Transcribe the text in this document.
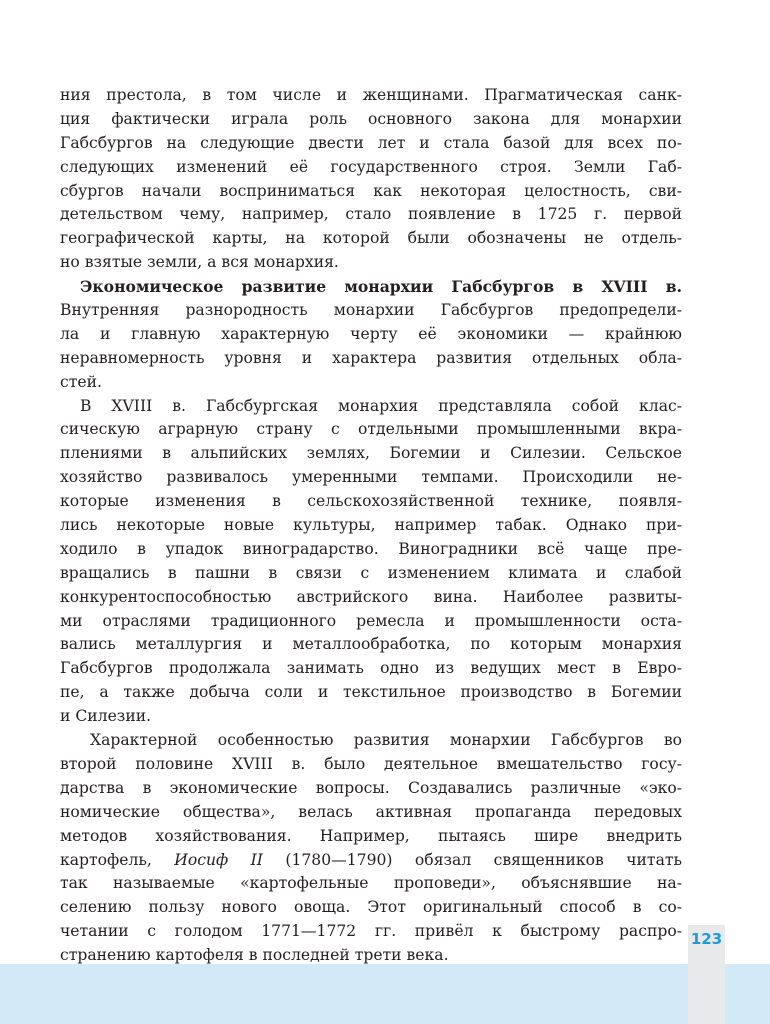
ния престола, в том числе и женщинами. Прагматическая санк-
ция фактически играла роль основного закона для монархии
Габсбургов на следующие двести лет и стала базой для всех по-
следующих изменений её государственного строя. Земли Габ-
сбургов начали восприниматься как некоторая целостность, сви-
детельством чему, например, стало появление в 1725 г. первой
географической карты, на которой были обозначены не отдель-
но взятые земли, а вся монархия.
Экономическое развитие монархии Габсбургов в XVIII в.
Внутренняя разнородность монархии Габсбургов предопредели-
ла и главную характерную черту её экономики — крайнюю
неравномерность уровня и характера развития отдельных обла-
стей.
В XVIII в. Габсбургская монархия представляла собой клас-
сическую аграрную страну с отдельными промышленными вкра-
плениями в альпийских землях, Богемии и Силезии. Сельское
хозяйство развивалось умеренными темпами. Происходили не-
которые изменения в сельскохозяйственной технике, появля-
лись некоторые новые культуры, например табак. Однако при-
ходило в упадок виноградарство. Виноградники всё чаще пре-
вращались в пашни в связи с изменением климата и слабой
конкурентоспособностью австрийского вина. Наиболее развиты-
ми отраслями традиционного ремесла и промышленности оста-
вались металлургия и металлообработка, по которым монархия
Габсбургов продолжала занимать одно из ведущих мест в Евро-
пе, а также добыча соли и текстильное производство в Богемии
и Силезии.
Характерной особенностью развития монархии Габсбургов во
второй половине XVIII в. было деятельное вмешательство госу-
дарства в экономические вопросы. Создавались различные «эко-
номические общества», велась активная пропаганда передовых
методов хозяйствования. Например, пытаясь шире внедрить
картофель, Иосиф II (1780—1790) обязал священников читать
так называемые «картофельные проповеди», объяснявшие на-
селению пользу нового овоща. Этот оригинальный способ в со-
четании с голодом 1771—1772 гг. привёл к быстрому распро-
странению картофеля в последней трети века.
123
